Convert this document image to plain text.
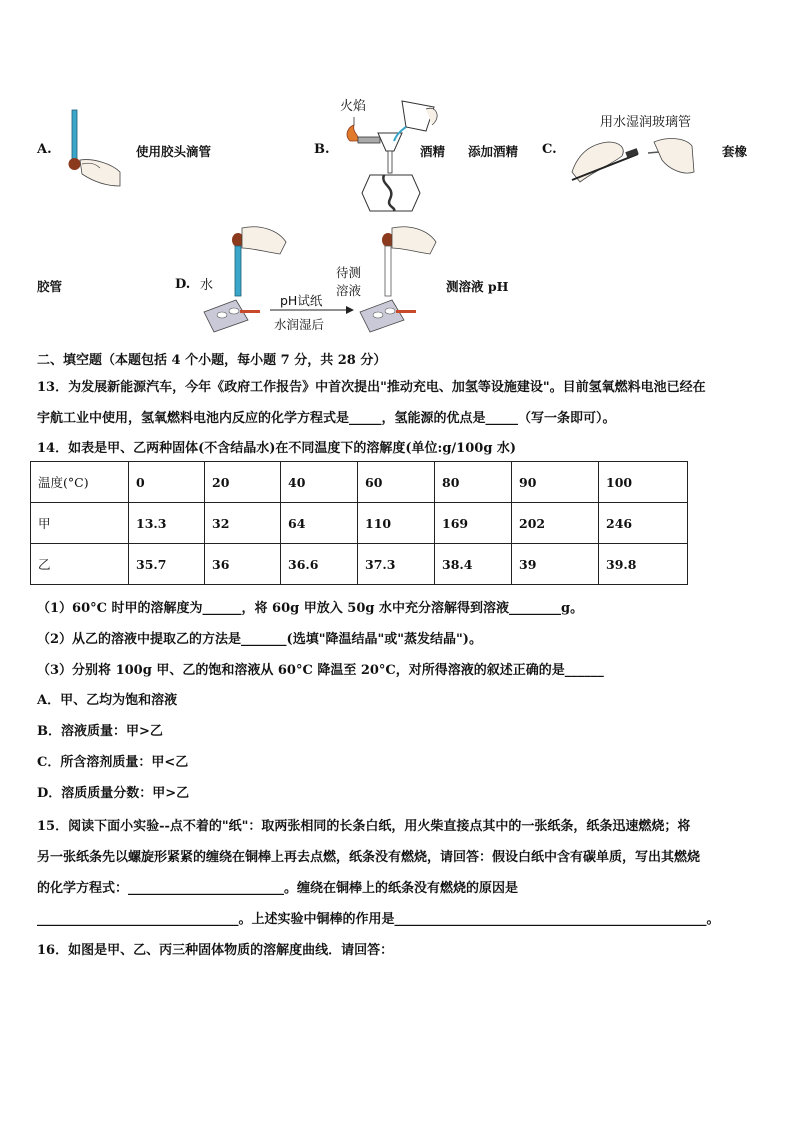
A.	使用胶头滴管	B.
火焰
酒精 添加酒精 C.
用水湿润玻璃管
套橡
胶管	D. 水
pH试纸
水润湿后
待测
溶液	测溶液 pH
二、填空题（本题包括 4 个小题，每小题 7 分，共 28 分）
13．为发展新能源汽车，今年《政府工作报告》中首次提出"推动充电、加氢等设施建设"。目前氢氧燃料电池已经在
宇航工业中使用，氢氧燃料电池内反应的化学方程式是_____，氢能源的优点是_____（写一条即可）。
14．如表是甲、乙两种固体(不含结晶水)在不同温度下的溶解度(单位:g/100g 水)
温度(°C)	0	20	40	60	80	90	100
甲	13.3	32	64	110	169	202	246
乙	35.7	36	36.6	37.3	38.4	39	39.8
（1）60°C 时甲的溶解度为______，将 60g 甲放入 50g 水中充分溶解得到溶液________g。
（2）从乙的溶液中提取乙的方法是_______(选填"降温结晶"或"蒸发结晶")。
（3）分别将 100g 甲、乙的饱和溶液从 60°C 降温至 20°C，对所得溶液的叙述正确的是______
A．甲、乙均为饱和溶液
B．溶液质量：甲>乙
C．所含溶剂质量：甲<乙
D．溶质质量分数：甲>乙
15．阅读下面小实验--点不着的"纸"：取两张相同的长条白纸，用火柴直接点其中的一张纸条，纸条迅速燃烧；将
另一张纸条先以螺旋形紧紧的缠绕在铜棒上再去点燃，纸条没有燃烧，请回答：假设白纸中含有碳单质，写出其燃烧
的化学方程式：________________________。缠绕在铜棒上的纸条没有燃烧的原因是
_______________________________。上述实验中铜棒的作用是________________________________________________。
16．如图是甲、乙、丙三种固体物质的溶解度曲线．请回答：
